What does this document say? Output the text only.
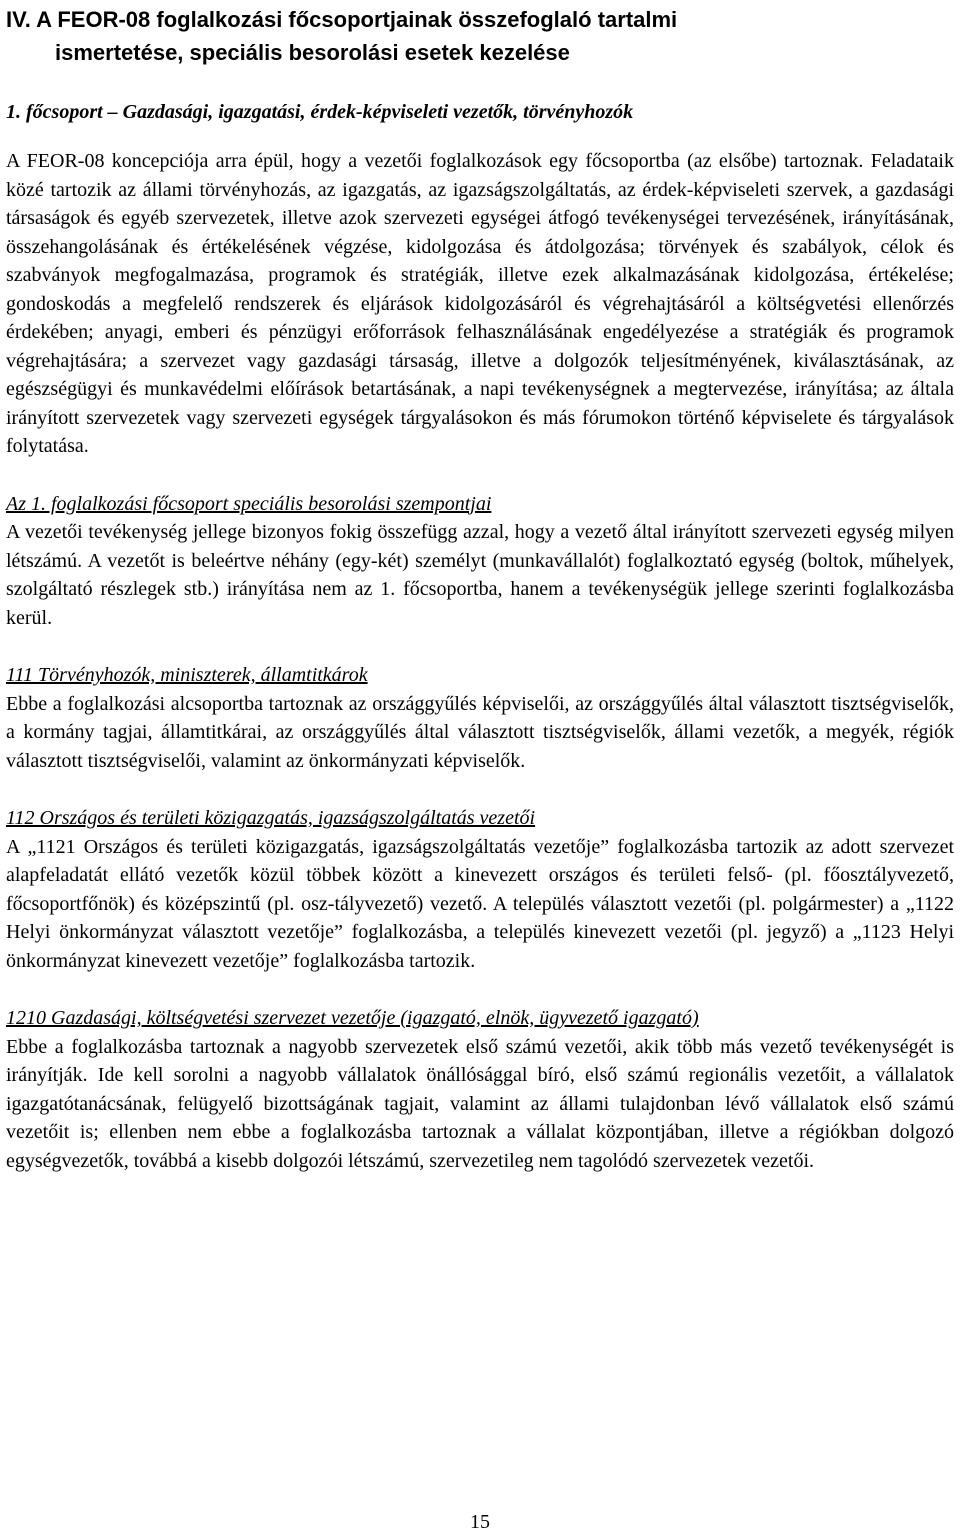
IV. A FEOR-08 foglalkozási főcsoportjainak összefoglaló tartalmi
ismertetése, speciális besorolási esetek kezelése
1. főcsoport – Gazdasági, igazgatási, érdek-képviseleti vezetők, törvényhozók

A FEOR-08 koncepciója arra épül, hogy a vezetői foglalkozások egy főcsoportba (az elsőbe) tartoznak. Feladataik közé tartozik az állami törvényhozás, az igazgatás, az igazságszolgáltatás, az érdek-képviseleti szervek, a gazdasági társaságok és egyéb szervezetek, illetve azok szervezeti egységei átfogó tevékenységei tervezésének, irányításának, összehangolásának és értékelésének végzése, kidolgozása és átdolgozása; törvények és szabályok, célok és szabványok megfogalmazása, programok és stratégiák, illetve ezek alkalmazásának kidolgozása, értékelése; gondoskodás a megfelelő rendszerek és eljárások kidolgozásáról és végrehajtásáról a költségvetési ellenőrzés érdekében; anyagi, emberi és pénzügyi erőforrások felhasználásának engedélyezése a stratégiák és programok végrehajtására; a szervezet vagy gazdasági társaság, illetve a dolgozók teljesítményének, kiválasztásának, az egészségügyi és munkavédelmi előírások betartásának, a napi tevékenységnek a megtervezése, irányítása; az általa irányított szervezetek vagy szervezeti egységek tárgyalásokon és más fórumokon történő képviselete és tárgyalások folytatása.

Az 1. foglalkozási főcsoport speciális besorolási szempontjai

A vezetői tevékenység jellege bizonyos fokig összefügg azzal, hogy a vezető által irányított szervezeti egység milyen létszámú. A vezetőt is beleértve néhány (egy-két) személyt (munkavállalót) foglalkoztató egység (boltok, műhelyek, szolgáltató részlegek stb.) irányítása nem az 1. főcsoportba, hanem a tevékenységük jellege szerinti foglalkozásba kerül.

111 Törvényhozók, miniszterek, államtitkárok

Ebbe a foglalkozási alcsoportba tartoznak az országgyűlés képviselői, az országgyűlés által választott tisztségviselők, a kormány tagjai, államtitkárai, az országgyűlés által választott tisztségviselők, állami vezetők, a megyék, régiók választott tisztségviselői, valamint az önkormányzati képviselők.

112 Országos és területi közigazgatás, igazságszolgáltatás vezetői

A „1121 Országos és területi közigazgatás, igazságszolgáltatás vezetője” foglalkozásba tartozik az adott szervezet alapfeladatát ellátó vezetők közül többek között a kinevezett országos és területi felső- (pl. főosztályvezető, főcsoportfőnök) és középszintű (pl. osz-tályvezető) vezető. A település választott vezetői (pl. polgármester) a „1122 Helyi önkormányzat választott vezetője” foglalkozásba, a település kinevezett vezetői (pl. jegyző) a „1123 Helyi önkormányzat kinevezett vezetője” foglalkozásba tartozik.

1210 Gazdasági, költségvetési szervezet vezetője (igazgató, elnök, ügyvezető igazgató)

Ebbe a foglalkozásba tartoznak a nagyobb szervezetek első számú vezetői, akik több más vezető tevékenységét is irányítják. Ide kell sorolni a nagyobb vállalatok önállósággal bíró, első számú regionális vezetőit, a vállalatok igazgatótanácsának, felügyelő bizottságának tagjait, valamint az állami tulajdonban lévő vállalatok első számú vezetőit is; ellenben nem ebbe a foglalkozásba tartoznak a vállalat központjában, illetve a régiókban dolgozó egységvezetők, továbbá a kisebb dolgozói létszámú, szervezetileg nem tagolódó szervezetek vezetői.

15
